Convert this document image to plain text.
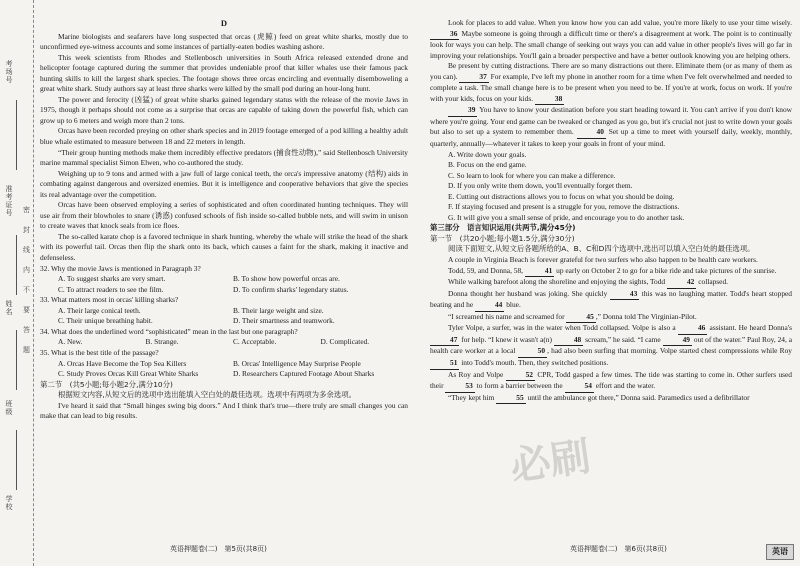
考场号
准考证号
姓名
班级
学校
密
封
线
内
不
要
答
题
D

Marine biologists and seafarers have long suspected that orcas (虎鲸) feed on great white sharks, mostly due to unconfirmed eye-witness accounts and some instances of partially-eaten bodies washing ashore.

This week scientists from Rhodes and Stellenbosch universities in South Africa released extended drone and helicopter footage captured during the summer that provides undeniable proof that killer whales use their famous pack hunting skills to kill the largest shark species. The footage shows three orcas encircling and eventually disemboweling a great white shark. Study authors say at least three sharks were killed by the small pod during an hour-long hunt.

The power and ferocity (凶猛) of great white sharks gained legendary status with the release of the movie Jaws in 1975, though it perhaps should not come as a surprise that orcas are capable of taking down the powerful fish, which can grow up to 6 meters and weigh more than 2 tons.

Orcas have been recorded preying on other shark species and in 2019 footage emerged of a pod killing a healthy adult blue whale estimated to measure between 18 and 22 meters in length.

“Their group hunting methods make them incredibly effective predators (捕食性动物),” said Stellenbosch University marine mammal specialist Simon Elwen, who co-authored the study.

Weighing up to 9 tons and armed with a jaw full of large conical teeth, the orca's impressive anatomy (结构) aids in combating against dangerous and oversized enemies. But it is intelligence and cooperative behaviors that give the species its real advantage over the competition.

Orcas have been observed employing a series of sophisticated and often coordinated hunting techniques. They will use air from their blowholes to snare (诱惑) confused schools of fish inside so-called bubble nets, and will swim in unison to create waves that knock seals from ice floes.

The so-called karate chop is a favored technique in shark hunting, whereby the whale will strike the head of the shark with its powerful tail. Orcas then flip the shark onto its back, which causes a faint for the shark, making it inactive and defenseless.

32. Why the movie Jaws is mentioned in Paragraph 3?

A. To suggest sharks are very smart.	B. To show how powerful orcas are.
C. To attract readers to see the film.	D. To confirm sharks' legendary status.

33. What matters most in orcas' killing sharks?

A. Their large conical teeth.	B. Their large weight and size.
C. Their unique breathing habit.	D. Their smartness and teamwork.

34. What does the underlined word “sophisticated” mean in the last but one paragraph?

A. New.	B. Strange.	C. Acceptable.	D. Complicated.

35. What is the best title of the passage?

A. Orcas Have Become the Top Sea Killers	B. Orcas' Intelligence May Surprise People
C. Study Proves Orcas Kill Great White Sharks	D. Researchers Captured Footage About Sharks

第二节　(共5小题;每小题2分,满分10分)

根据短文内容,从短文后的选项中选出能填入空白处的最佳选项。选项中有两项为多余选项。

I've heard it said that “Small hinges swing big doors.” And I think that's true—there truly are small changes you can make that can lead to big results.

英语押题卷(二)　第5页(共8页)

Look for places to add value. When you know how you can add value, you're more likely to use your time wisely. 36 Maybe someone is going through a difficult time or there's a disagreement at work. The point is to continually look for ways you can help. The small change of seeking out ways you can add value in other people's lives will go far in improving your relationships. You'll gain a broader perspective and have a better outlook knowing you are helping others.

Be present by cutting distractions. There are so many distractions out there. Eliminate them (or as many of them as you can).	37 For example, I've left my phone in another room for a time when I've felt overwhelmed and needed to complete a task. The small change here is to be present when you need to be. If you're at work, focus on work. If you're with your kids, focus on your kids.	38

39 You have to know your destination before you start heading toward it. You can't arrive if you don't know where you're going. Your end game can be tweaked or changed as you go, but it's crucial not just to write down your goals but also to set up a system to remember them.	40 Set up a time to meet with yourself daily, weekly, monthly, quarterly, annually—whatever it takes to keep your goals in front of your mind.

A. Write down your goals.

B. Focus on the end game.

C. So learn to look for where you can make a difference.

D. If you only write them down, you'll eventually forget them.

E. Cutting out distractions allows you to focus on what you should be doing.

F. If staying focused and present is a struggle for you, remove the distractions.

G. It will give you a small sense of pride, and encourage you to do another task.

第三部分　语言知识运用(共两节,满分45分)

第一节　(共20小题;每小题1.5分,满分30分)

阅读下面短文,从短文后各题所给的A、B、C和D四个选项中,选出可以填入空白处的最佳选项。

A couple in Virginia Beach is forever grateful for two surfers who also happen to be health care workers.

Todd, 59, and Donna, 58,	41 up early on October 2 to go for a bike ride and take pictures of the sunrise.

While walking barefoot along the shoreline and enjoying the sights, Todd	42 collapsed.

Donna thought her husband was joking. She quickly	43 this was no laughing matter. Todd's heart stopped beating and he	44 blue.

“I screamed his name and screamed for	45 ,” Donna told The Virginian-Pilot.

Tyler Volpe, a surfer, was in the water when Todd collapsed. Volpe is also a	46 assistant. He heard Donna's 47 for help. “I knew it wasn't a(n)	48 scream,” he said. “I came	49 out of the water.” Paul Roy, 24, a health care worker at a local	50 , had also been surfing that morning. Volpe started chest compressions while Roy 51 into Todd's mouth. Then, they switched positions.

As Roy and Volpe	52 CPR, Todd gasped a few times. The tide was starting to come in. Other surfers used their	53 to form a barrier between the	54 effort and the water.

“They kept him	55 until the ambulance got there,” Donna said. Paramedics used a defibrillator

必刷
英语押题卷(二)　第6页(共8页)	英语
